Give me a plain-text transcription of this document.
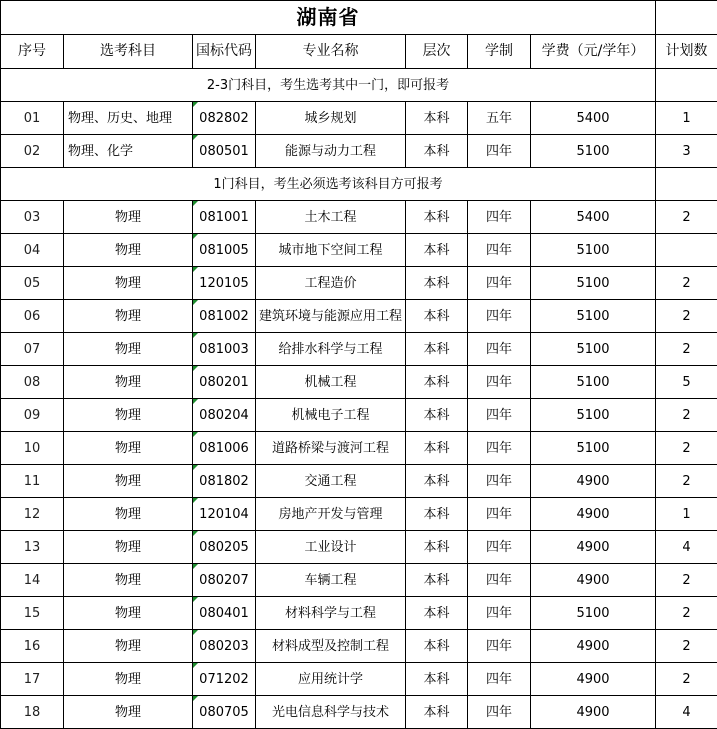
湖南省							
序号	选考科目	国标代码	专业名称	层次	学制	学费（元/学年）	计划数
2-3门科目，考生选考其中一门，即可报考							
01	物理、历史、地理	082802	城乡规划	本科	五年	5400	1
02	物理、化学	080501	能源与动力工程	本科	四年	5100	3
1门科目，考生必须选考该科目方可报考							
03	物理	081001	土木工程	本科	四年	5400	2
04	物理	081005	城市地下空间工程	本科	四年	5100	
05	物理	120105	工程造价	本科	四年	5100	2
06	物理	081002	建筑环境与能源应用工程	本科	四年	5100	2
07	物理	081003	给排水科学与工程	本科	四年	5100	2
08	物理	080201	机械工程	本科	四年	5100	5
09	物理	080204	机械电子工程	本科	四年	5100	2
10	物理	081006	道路桥梁与渡河工程	本科	四年	5100	2
11	物理	081802	交通工程	本科	四年	4900	2
12	物理	120104	房地产开发与管理	本科	四年	4900	1
13	物理	080205	工业设计	本科	四年	4900	4
14	物理	080207	车辆工程	本科	四年	4900	2
15	物理	080401	材料科学与工程	本科	四年	5100	2
16	物理	080203	材料成型及控制工程	本科	四年	4900	2
17	物理	071202	应用统计学	本科	四年	4900	2
18	物理	080705	光电信息科学与技术	本科	四年	4900	4
